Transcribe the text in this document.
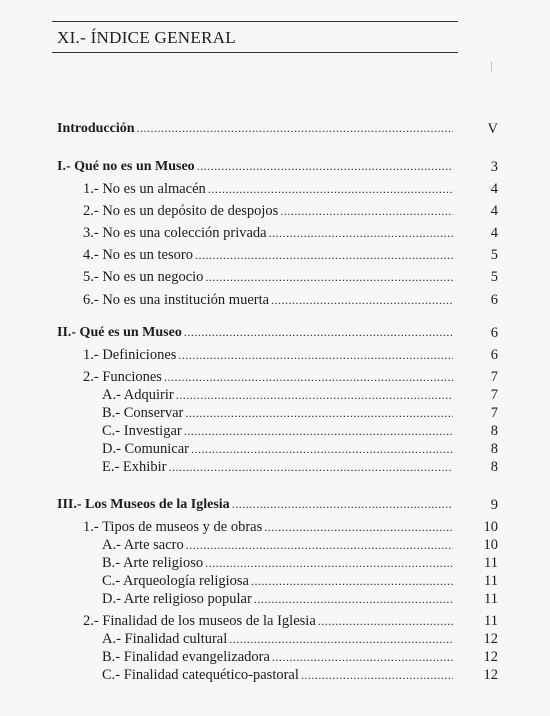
XI.- ÍNDICE GENERAL
|
Introducción .....	V
I.- Qué no es un Museo .....	3
1.- No es un almacén .....	4
2.- No es un depósito de despojos .....	4
3.- No es una colección privada .....	4
4.- No es un tesoro .....	5
5.- No es un negocio .....	5
6.- No es una institución muerta .....	6
II.- Qué es un Museo .....	6
1.- Definiciones .....	6
2.- Funciones .....	7
A.- Adquirir .....	7
B.- Conservar .....	7
C.- Investigar .....	8
D.- Comunicar .....	8
E.- Exhibir .....	8
III.- Los Museos de la Iglesia .....	9
1.- Tipos de museos y de obras .....	10
A.- Arte sacro .....	10
B.- Arte religioso .....	11
C.- Arqueología religiosa .....	11
D.- Arte religioso popular .....	11
2.- Finalidad de los museos de la Iglesia .....	11
A.- Finalidad cultural .....	12
B.- Finalidad evangelizadora .....	12
C.- Finalidad catequético-pastoral .....	12
